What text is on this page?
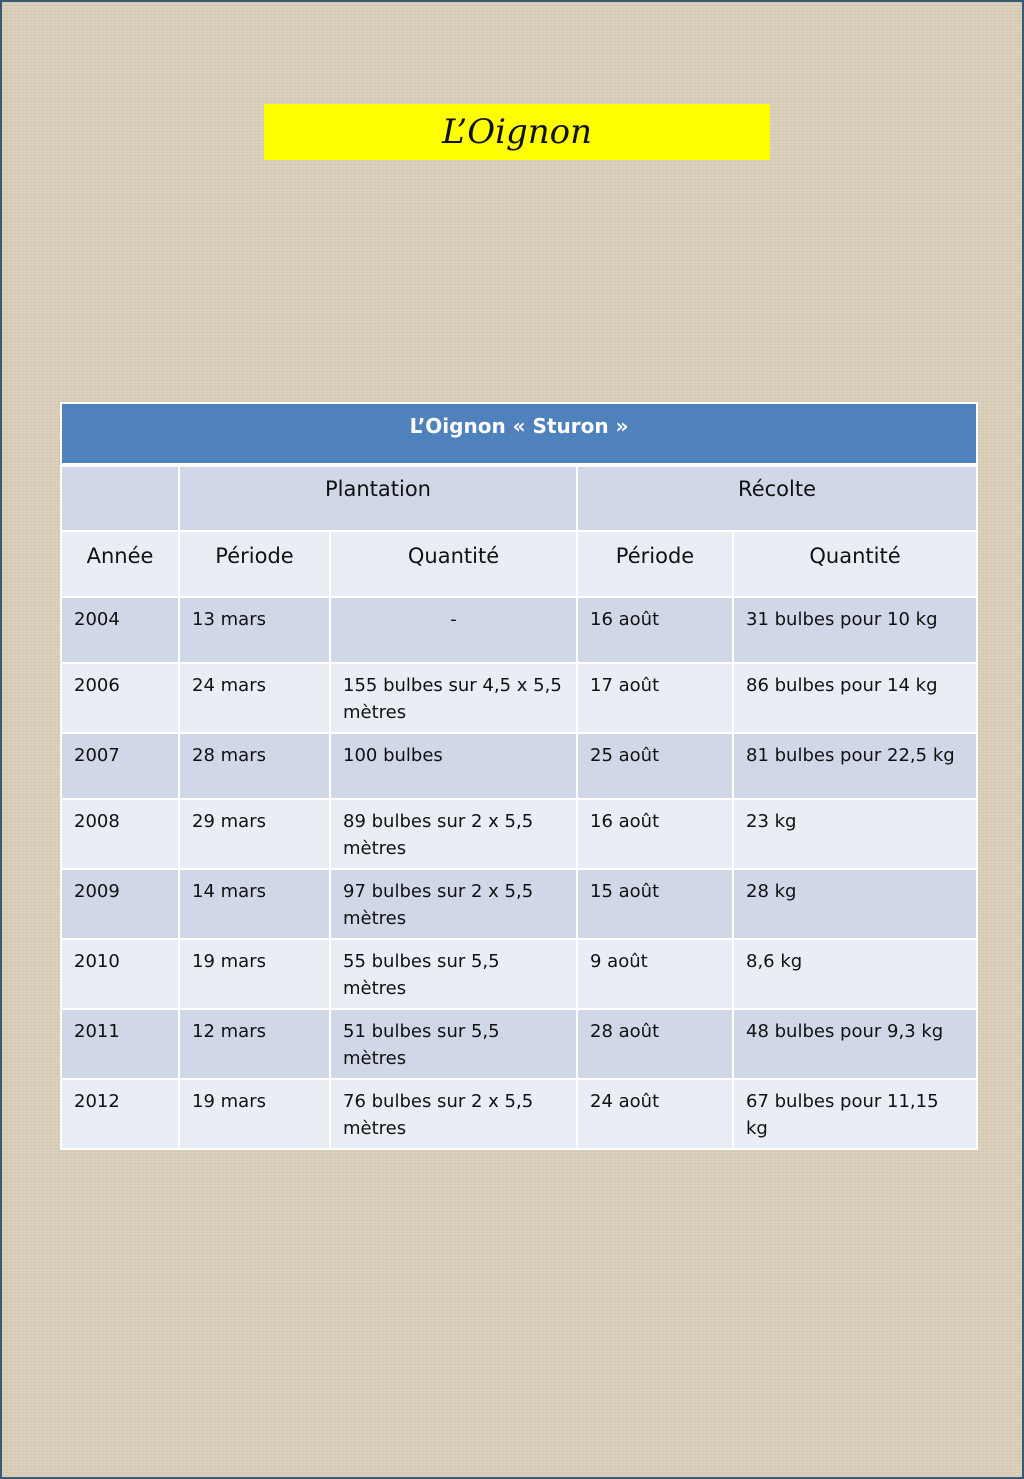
L’Oignon
L’Oignon « Sturon »				
	Plantation		Récolte	
Année	Période	Quantité	Période	Quantité
2004	13 mars	-	16 août	31 bulbes pour 10 kg
2006	24 mars	155 bulbes sur 4,5 x 5,5 mètres	17 août	86 bulbes pour 14 kg
2007	28 mars	100 bulbes	25 août	81 bulbes pour 22,5 kg
2008	29 mars	89 bulbes sur 2 x 5,5 mètres	16 août	23 kg
2009	14 mars	97 bulbes sur 2 x 5,5 mètres	15 août	28 kg
2010	19 mars	55 bulbes sur 5,5 mètres	9 août	8,6 kg
2011	12 mars	51 bulbes sur 5,5 mètres	28 août	48 bulbes pour 9,3 kg
2012	19 mars	76 bulbes sur 2 x 5,5 mètres	24 août	67 bulbes pour 11,15 kg
